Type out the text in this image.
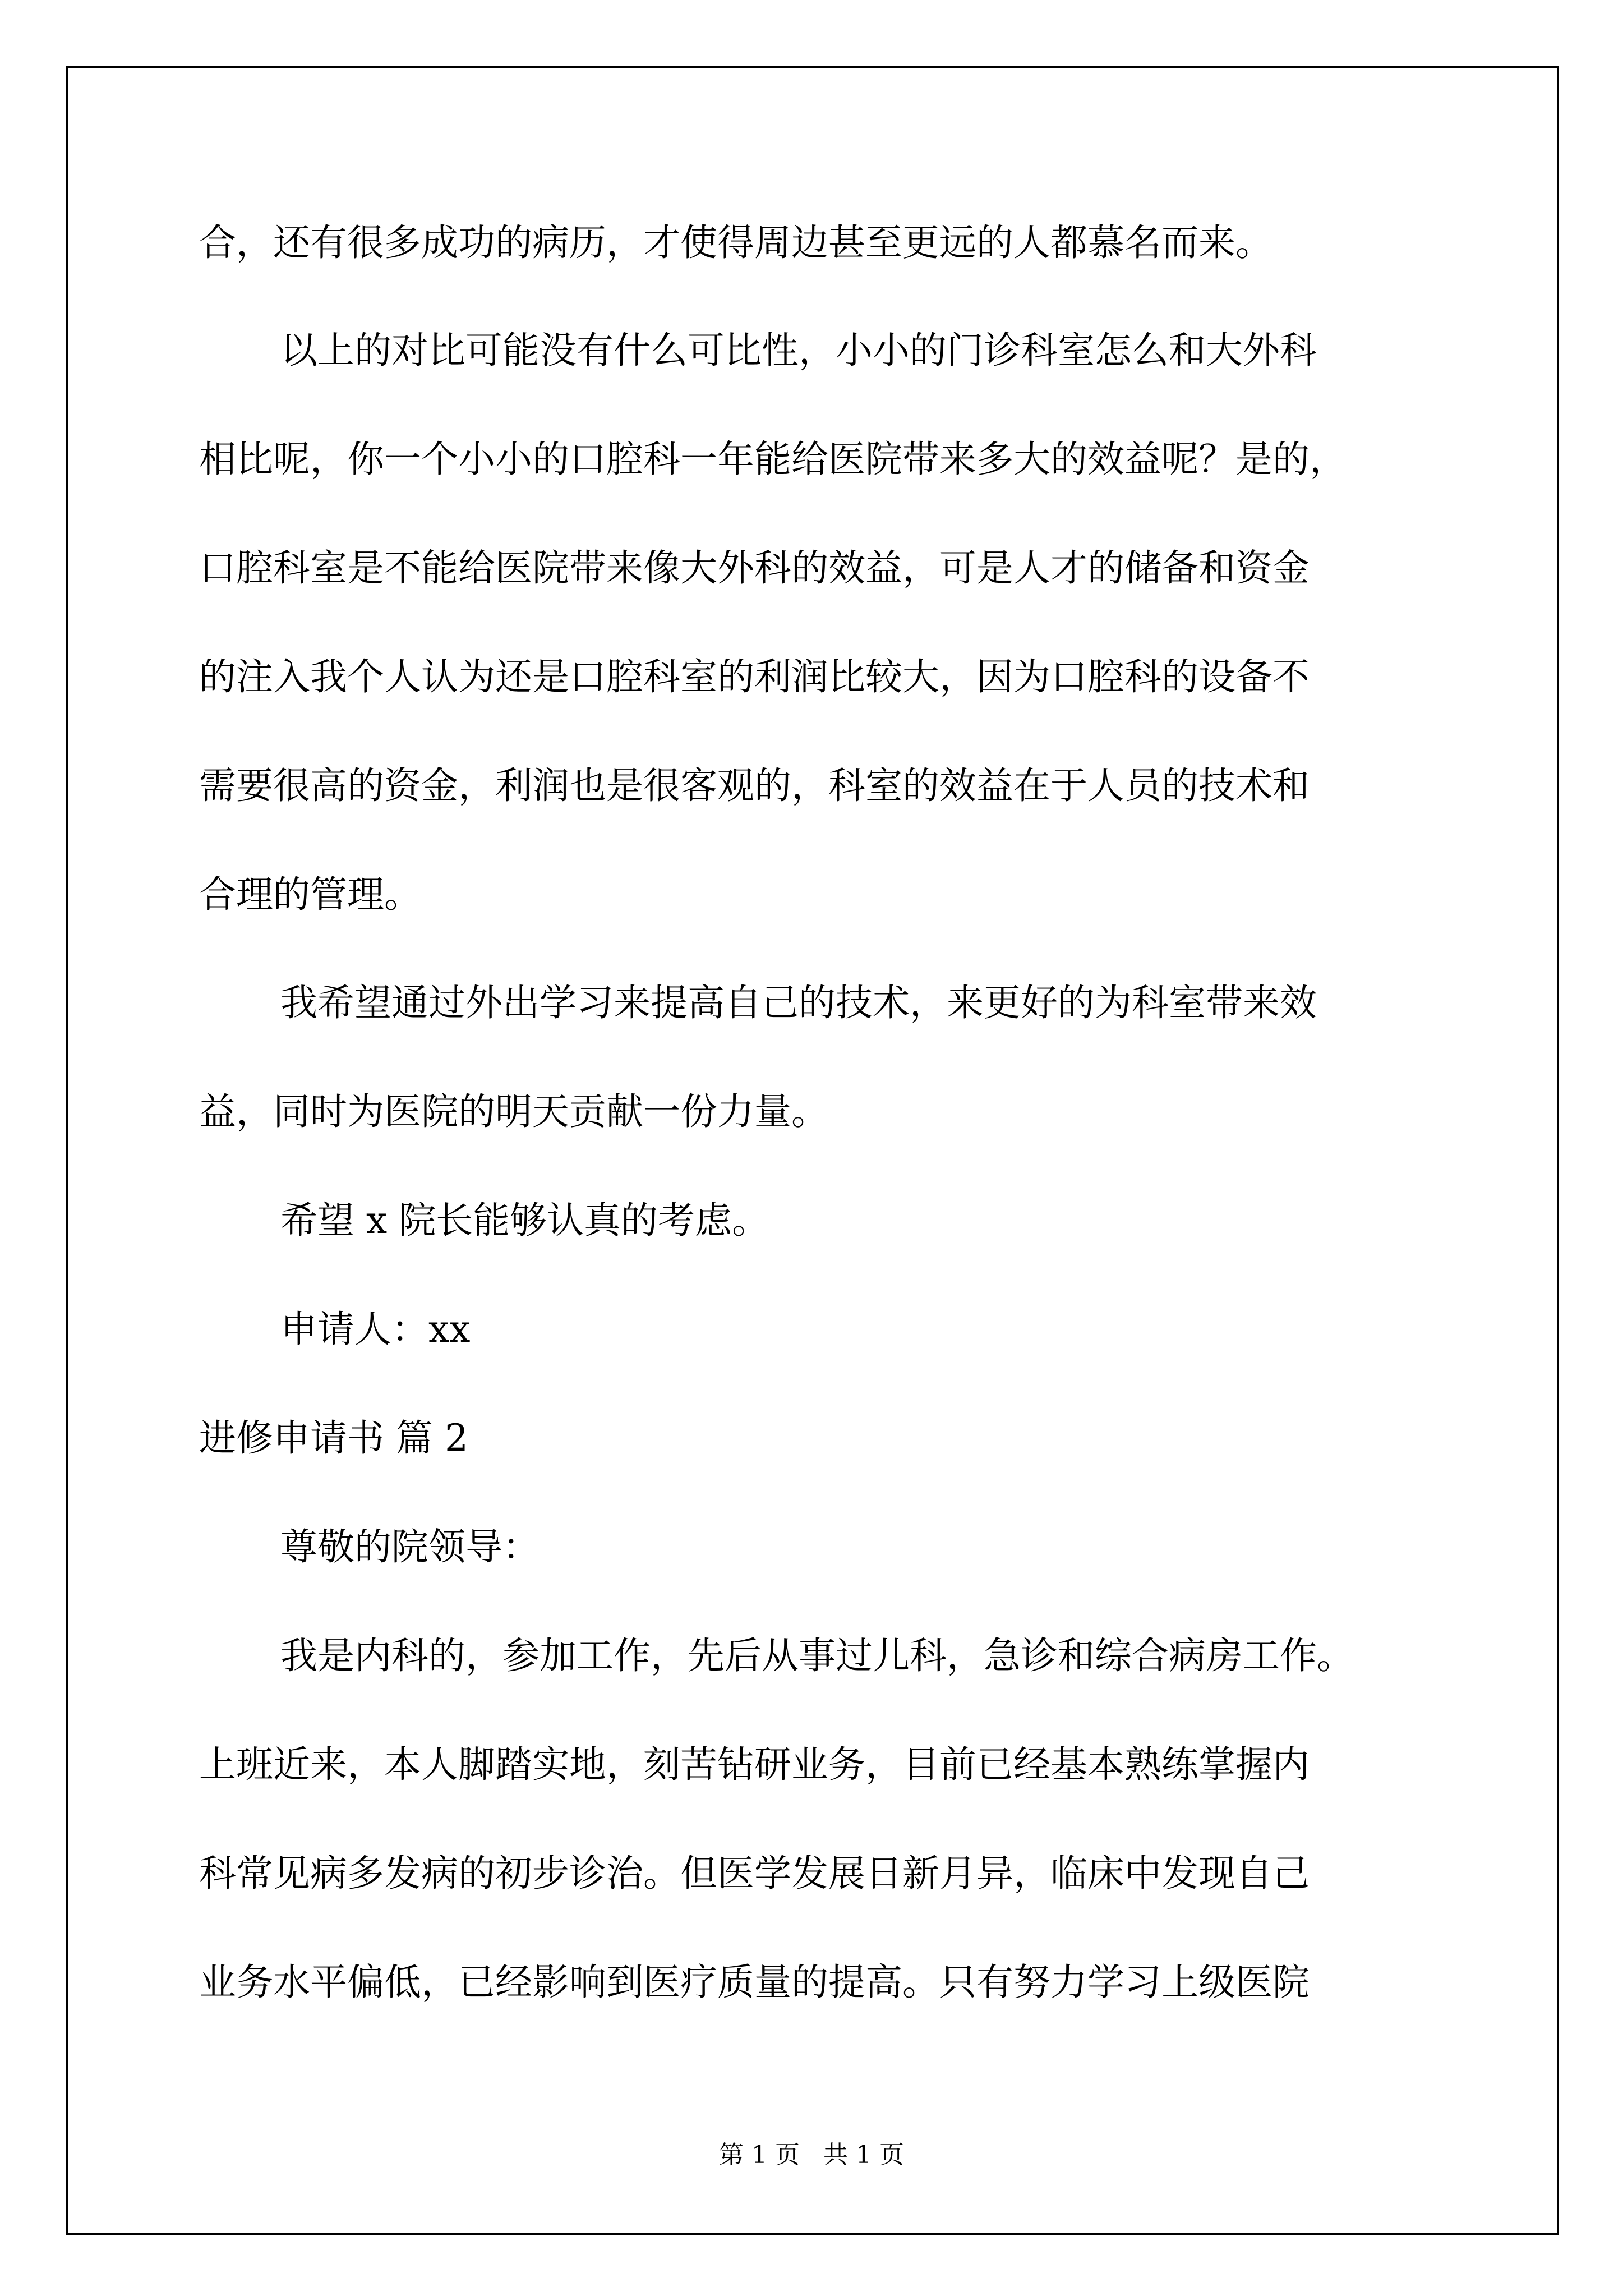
合，还有很多成功的病历，才使得周边甚至更远的人都慕名而来。
以上的对比可能没有什么可比性，小小的门诊科室怎么和大外科
相比呢，你一个小小的口腔科一年能给医院带来多大的效益呢？是的，
口腔科室是不能给医院带来像大外科的效益，可是人才的储备和资金
的注入我个人认为还是口腔科室的利润比较大，因为口腔科的设备不
需要很高的资金，利润也是很客观的，科室的效益在于人员的技术和
合理的管理。
我希望通过外出学习来提高自己的技术，来更好的为科室带来效
益，同时为医院的明天贡献一份力量。
希望 x 院长能够认真的考虑。
申请人：xx
进修申请书 篇 2
尊敬的院领导：
我是内科的，参加工作，先后从事过儿科，急诊和综合病房工作。
上班近来，本人脚踏实地，刻苦钻研业务，目前已经基本熟练掌握内
科常见病多发病的初步诊治。但医学发展日新月异，临床中发现自己
业务水平偏低，已经影响到医疗质量的提高。只有努力学习上级医院
第 1 页   共 1 页
